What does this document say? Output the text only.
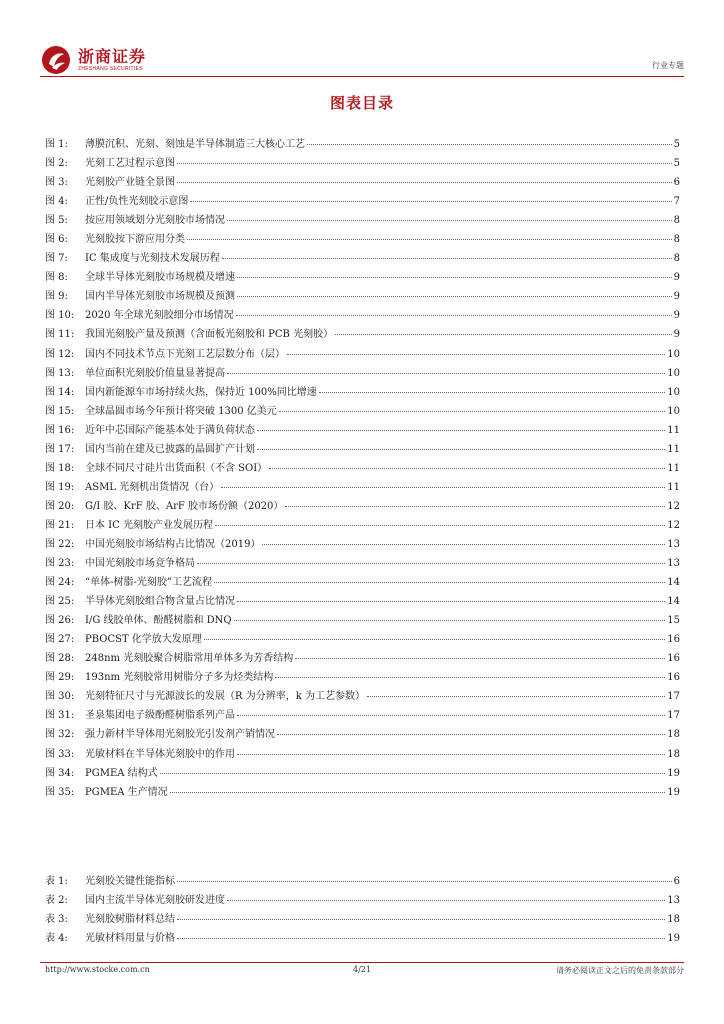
浙商证券
ZHESHANG SECURITIES	行业专题
图表目录
图 1:	薄膜沉积、光刻、刻蚀是半导体制造三大核心工艺	5
图 2:	光刻工艺过程示意图	5
图 3:	光刻胶产业链全景图	6
图 4:	正性/负性光刻胶示意图	7
图 5:	按应用领域划分光刻胶市场情况	8
图 6:	光刻胶按下游应用分类	8
图 7:	IC 集成度与光刻技术发展历程	8
图 8:	全球半导体光刻胶市场规模及增速	9
图 9:	国内半导体光刻胶市场规模及预测	9
图 10:	2020 年全球光刻胶细分市场情况	9
图 11:	我国光刻胶产量及预测（含面板光刻胶和 PCB 光刻胶）	9
图 12:	国内不同技术节点下光刻工艺层数分布（层）	10
图 13:	单位面积光刻胶价值量显著提高	10
图 14:	国内新能源车市场持续火热，保持近 100%同比增速	10
图 15:	全球晶圆市场今年预计将突破 1300 亿美元	10
图 16:	近年中芯国际产能基本处于满负荷状态	11
图 17:	国内当前在建及已披露的晶圆扩产计划	11
图 18:	全球不同尺寸硅片出货面积（不含 SOI）	11
图 19:	ASML 光刻机出货情况（台）	11
图 20:	G/I 胶、KrF 胶、ArF 胶市场份额（2020）	12
图 21:	日本 IC 光刻胶产业发展历程	12
图 22:	中国光刻胶市场结构占比情况（2019）	13
图 23:	中国光刻胶市场竞争格局	13
图 24:	“单体-树脂-光刻胶”工艺流程	14
图 25:	半导体光刻胶组合物含量占比情况	14
图 26:	I/G 线胶单体、酚醛树脂和 DNQ	15
图 27:	PBOCST 化学放大发原理	16
图 28:	248nm 光刻胶聚合树脂常用单体多为芳香结构	16
图 29:	193nm 光刻胶常用树脂分子多为烃类结构	16
图 30:	光刻特征尺寸与光源波长的发展（R 为分辨率，k 为工艺参数）	17
图 31:	圣泉集团电子级酚醛树脂系列产品	17
图 32:	强力新材半导体用光刻胶光引发剂产销情况	18
图 33:	光敏材料在半导体光刻胶中的作用	18
图 34:	PGMEA 结构式	19
图 35:	PGMEA 生产情况	19
表 1:	光刻胶关键性能指标	6
表 2:	国内主流半导体光刻胶研发进度	13
表 3:	光刻胶树脂材料总结	18
表 4:	光敏材料用量与价格	19
http://www.stocke.com.cn	4/21	请务必阅读正文之后的免责条款部分
